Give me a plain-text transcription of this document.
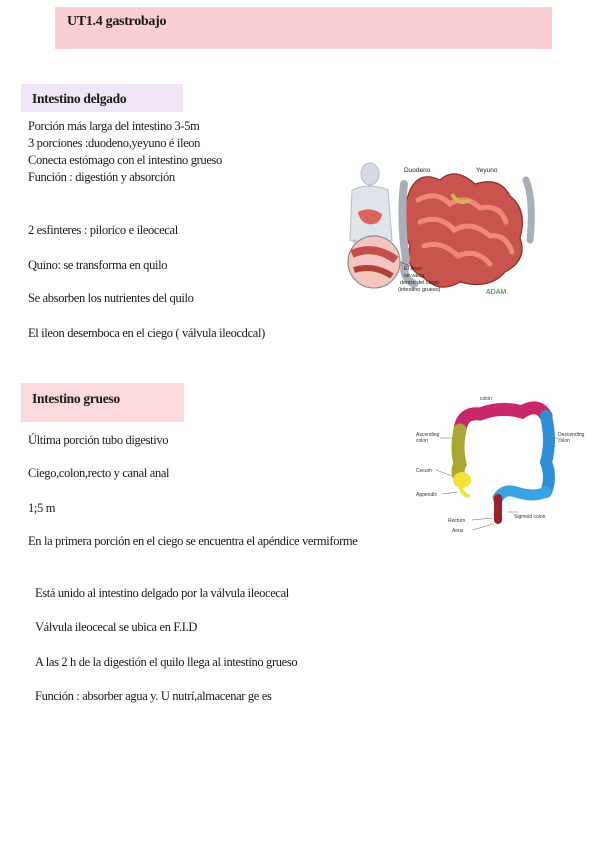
UT1.4 gastrobajo
Intestino delgado
Porción más larga del intestino 3-5m
3 porciones :duodeno,yeyuno é ileon
Conecta estómago con el intestino grueso
Función : digestión y absorción
2 esfinteres : pilorico e ileocecal
Quino: se transforma en quilo
Se absorben los nutrientes del quilo
El ileon desemboca en el ciego ( válvula ileocdcal)
Duodeno	Yeyuno
El íleon
se vacía
dentro del ciego
(intestino grueso)	ADAM.
Intestino grueso
Última porción tubo digestivo
Ciego,colon,recto y canal anal
1;5 m
En la primera porción en el ciego se encuentra el apéndice vermiforme
Está unido al intestino delgado por la válvula ileocecal
Válvula ileocecal se ubica en F.I.D
A las 2 h de la digestión el quilo llega al intestino grueso
Función : absorber agua y. U nutrí,almacenar ge es
colon
Ascending
colon
Descending
colon
Cecum
Appendix
Sigmoid colon
Rectum
Anus
